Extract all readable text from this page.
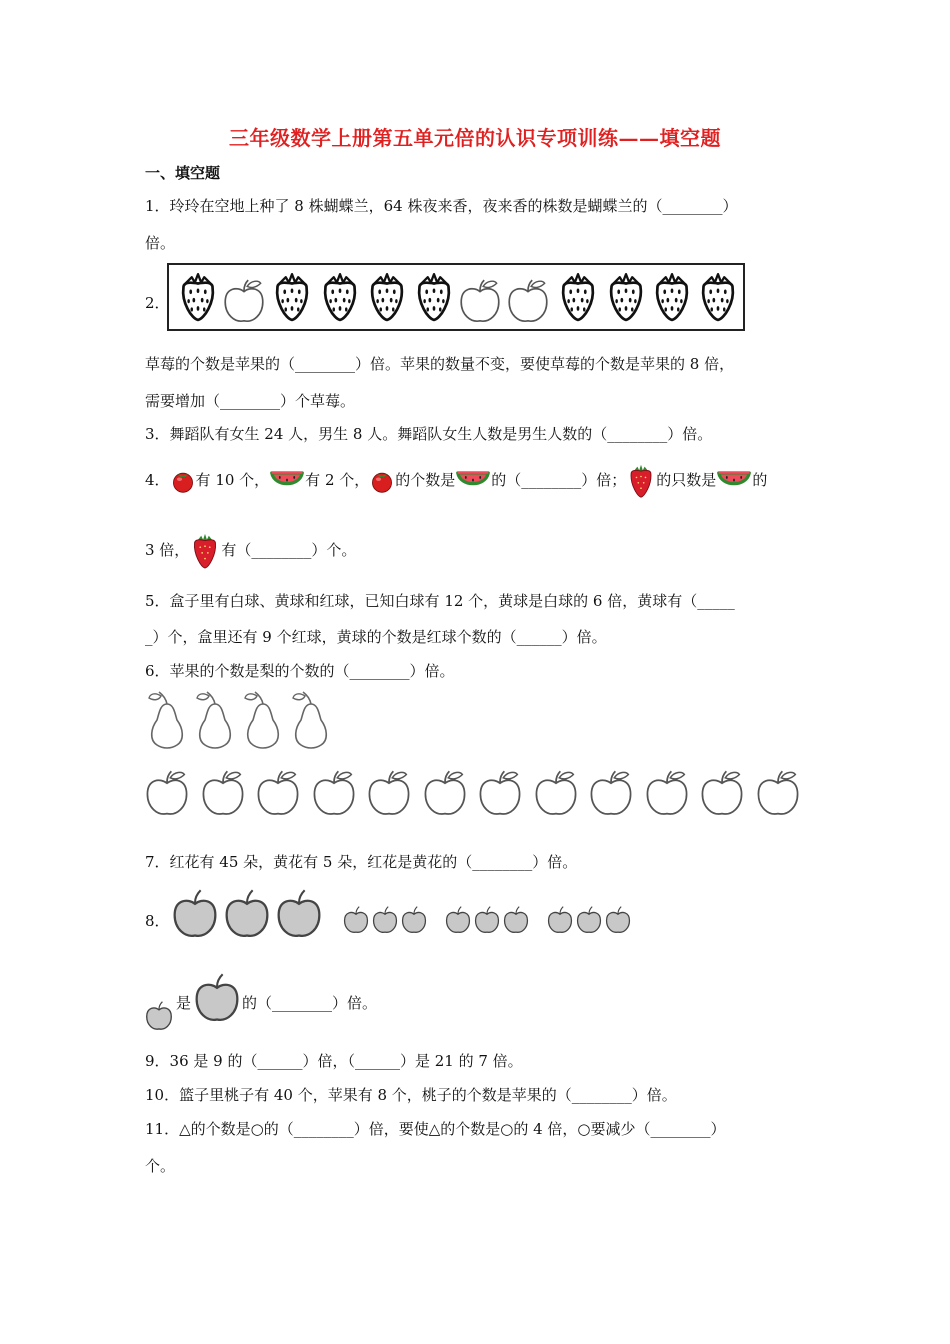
三年级数学上册第五单元倍的认识专项训练——填空题
一、填空题
1．玲玲在空地上种了 8 株蝴蝶兰，64 株夜来香，夜来香的株数是蝴蝶兰的（________）
倍。
2．
草莓的个数是苹果的（________）倍。苹果的数量不变，要使草莓的个数是苹果的 8 倍，
需要增加（________）个草莓。
3．舞蹈队有女生 24 人，男生 8 人。舞蹈队女生人数是男生人数的（________）倍。
4． 有 10 个， 有 2 个， 的个数是 的（________）倍； 的只数是 的
3 倍， 有（________）个。
5．盒子里有白球、黄球和红球，已知白球有 12 个，黄球是白球的 6 倍，黄球有（_____
_）个，盒里还有 9 个红球，黄球的个数是红球个数的（______）倍。
6．苹果的个数是梨的个数的（________）倍。
7．红花有 45 朵，黄花有 5 朵，红花是黄花的（________）倍。
8．
是	的（________）倍。
9．36 是 9 的（______）倍，（______）是 21 的 7 倍。
10．篮子里桃子有 40 个，苹果有 8 个，桃子的个数是苹果的（________）倍。
11．△的个数是○的（________）倍，要使△的个数是○的 4 倍，○要减少（________）
个。
